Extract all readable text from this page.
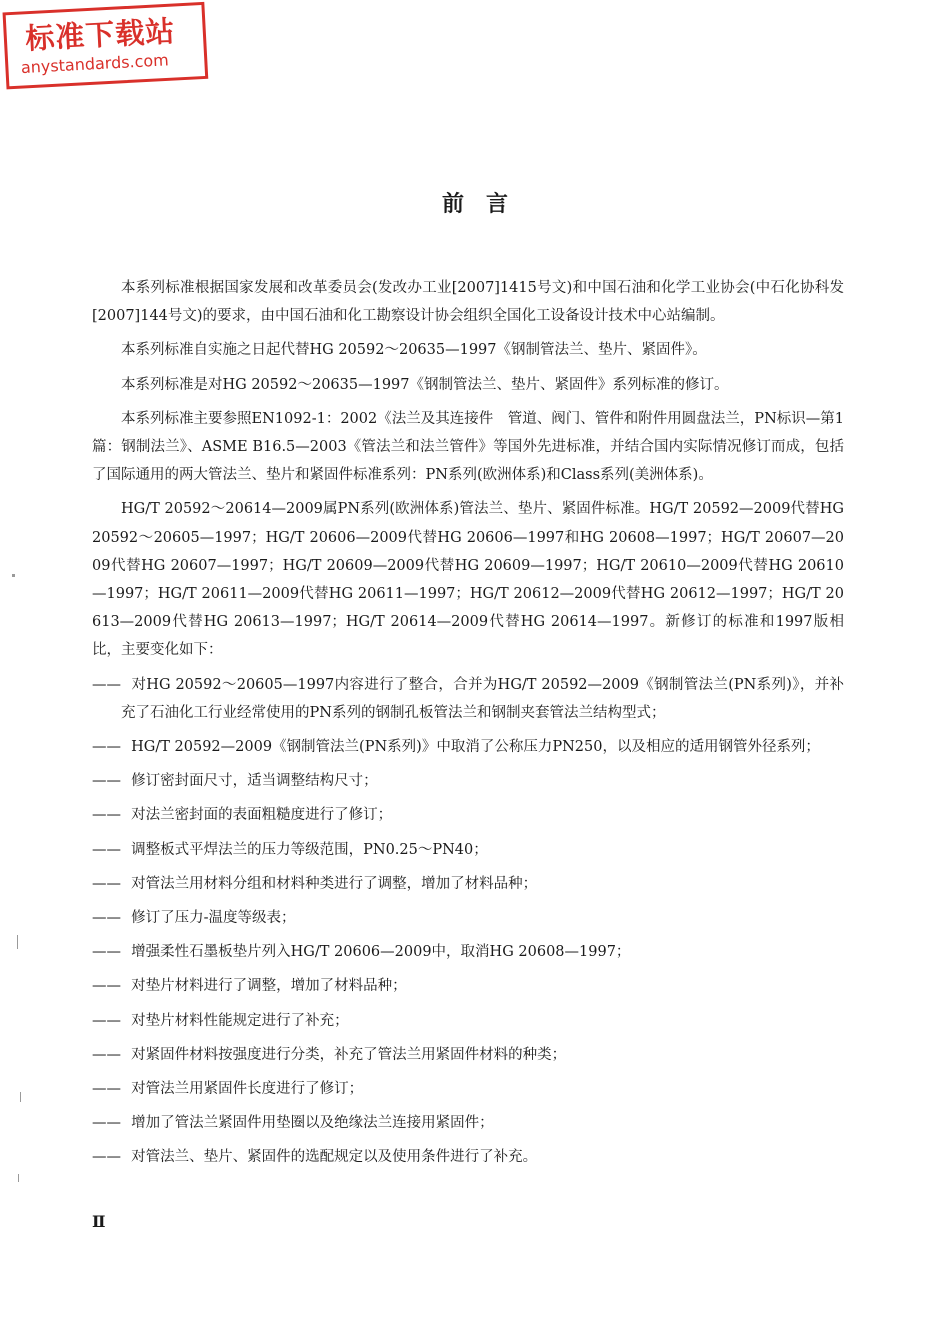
标准下载站
anystandards.com
前　言

本系列标准根据国家发展和改革委员会(发改办工业[2007]1415号文)和中国石油和化学工业协会(中石化协科发[2007]144号文)的要求，由中国石油和化工勘察设计协会组织全国化工设备设计技术中心站编制。

本系列标准自实施之日起代替HG 20592～20635—1997《钢制管法兰、垫片、紧固件》。

本系列标准是对HG 20592～20635—1997《钢制管法兰、垫片、紧固件》系列标准的修订。

本系列标准主要参照EN1092-1：2002《法兰及其连接件　管道、阀门、管件和附件用圆盘法兰，PN标识—第1篇：钢制法兰》、ASME B16.5—2003《管法兰和法兰管件》等国外先进标准，并结合国内实际情况修订而成，包括了国际通用的两大管法兰、垫片和紧固件标准系列：PN系列(欧洲体系)和Class系列(美洲体系)。

HG/T 20592～20614—2009属PN系列(欧洲体系)管法兰、垫片、紧固件标准。HG/T 20592—2009代替HG 20592～20605—1997；HG/T 20606—2009代替HG 20606—1997和HG 20608—1997；HG/T 20607—2009代替HG 20607—1997；HG/T 20609—2009代替HG 20609—1997；HG/T 20610—2009代替HG 20610—1997；HG/T 20611—2009代替HG 20611—1997；HG/T 20612—2009代替HG 20612—1997；HG/T 20613—2009代替HG 20613—1997；HG/T 20614—2009代替HG 20614—1997。新修订的标准和1997版相比，主要变化如下：

—— 对HG 20592～20605—1997内容进行了整合，合并为HG/T 20592—2009《钢制管法兰(PN系列)》，并补充了石油化工行业经常使用的PN系列的钢制孔板管法兰和钢制夹套管法兰结构型式；
—— HG/T 20592—2009《钢制管法兰(PN系列)》中取消了公称压力PN250，以及相应的适用钢管外径系列；
—— 修订密封面尺寸，适当调整结构尺寸；
—— 对法兰密封面的表面粗糙度进行了修订；
—— 调整板式平焊法兰的压力等级范围，PN0.25～PN40；
—— 对管法兰用材料分组和材料种类进行了调整，增加了材料品种；
—— 修订了压力-温度等级表；
—— 增强柔性石墨板垫片列入HG/T 20606—2009中，取消HG 20608—1997；
—— 对垫片材料进行了调整，增加了材料品种；
—— 对垫片材料性能规定进行了补充；
—— 对紧固件材料按强度进行分类，补充了管法兰用紧固件材料的种类；
—— 对管法兰用紧固件长度进行了修订；
—— 增加了管法兰紧固件用垫圈以及绝缘法兰连接用紧固件；
—— 对管法兰、垫片、紧固件的选配规定以及使用条件进行了补充。
Ⅱ
